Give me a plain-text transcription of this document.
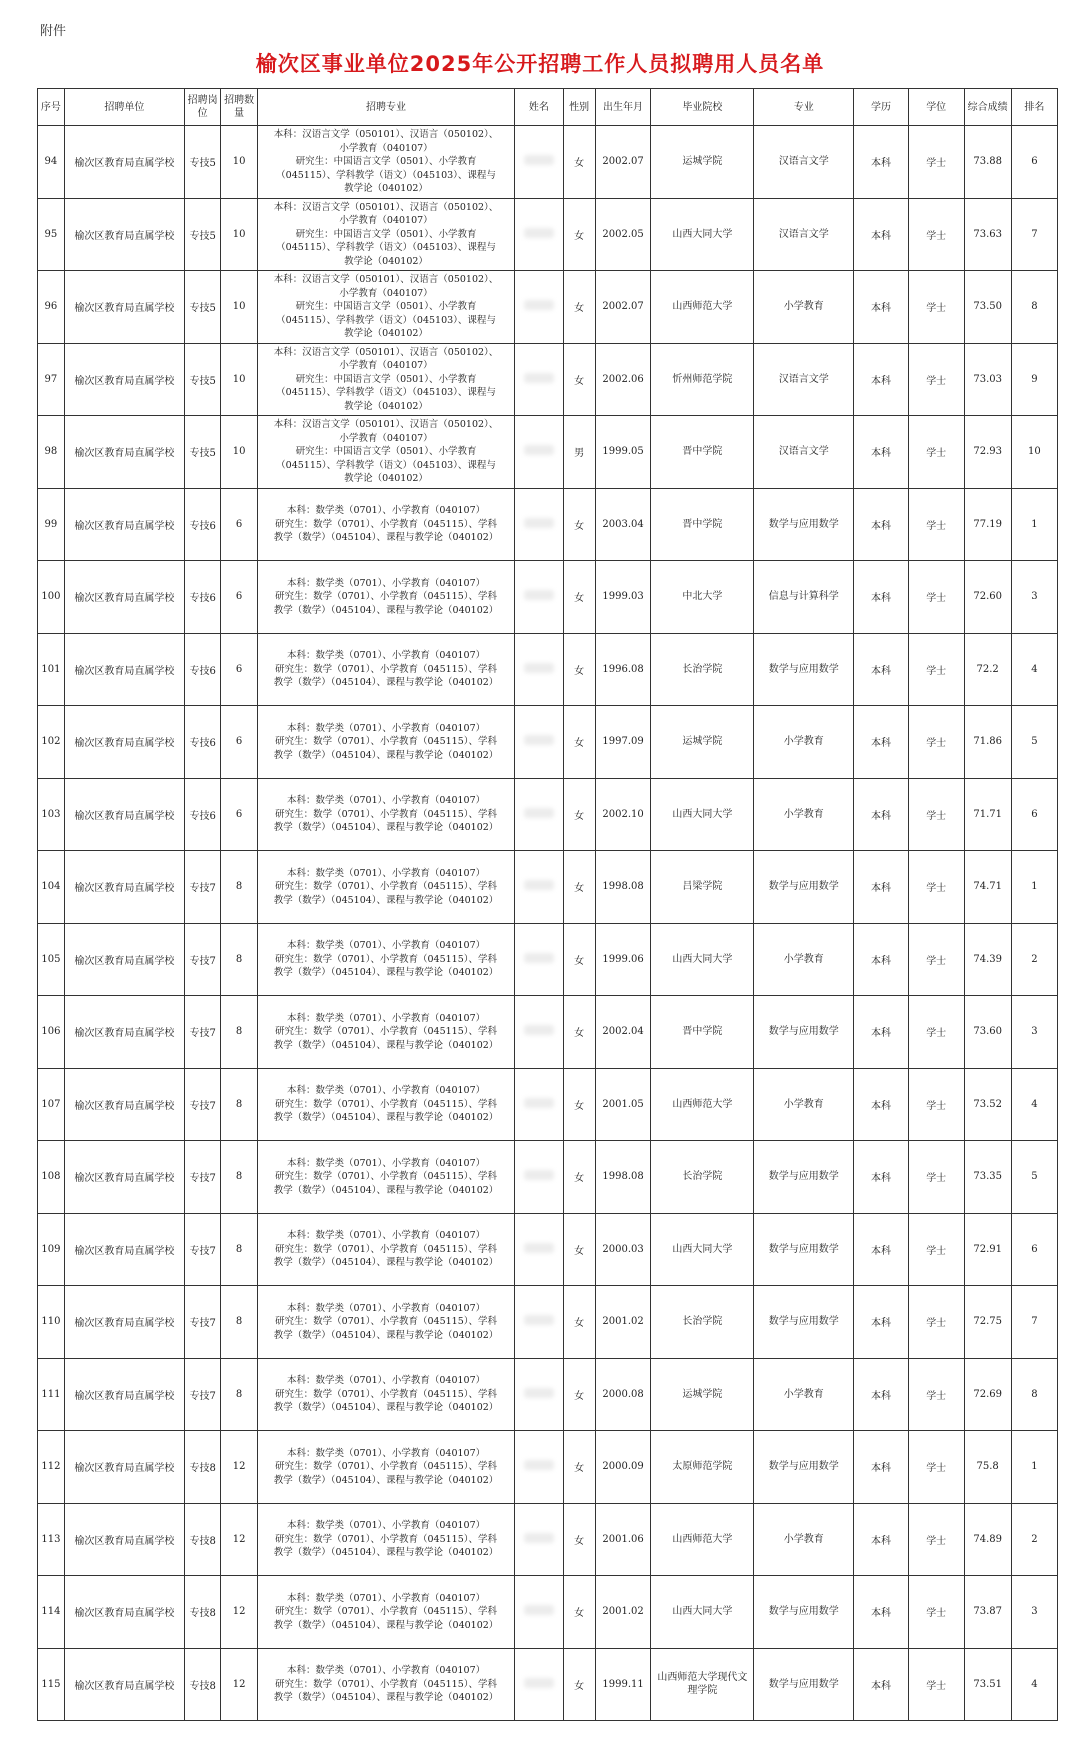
附件
榆次区事业单位2025年公开招聘工作人员拟聘用人员名单
序号	招聘单位	招聘岗位	招聘数量	招聘专业	姓名	性别	出生年月	毕业院校	专业	学历	学位	综合成绩	排名
94	榆次区教育局直属学校	专技5	10	本科：汉语言文学（050101）、汉语言（050102）、
小学教育（040107）
研究生：中国语言文学（0501）、小学教育
（045115）、学科教学（语文）（045103）、课程与
教学论（040102）		女	2002.07	运城学院	汉语言文学	本科	学士	73.88	6
95	榆次区教育局直属学校	专技5	10	本科：汉语言文学（050101）、汉语言（050102）、
小学教育（040107）
研究生：中国语言文学（0501）、小学教育
（045115）、学科教学（语文）（045103）、课程与
教学论（040102）		女	2002.05	山西大同大学	汉语言文学	本科	学士	73.63	7
96	榆次区教育局直属学校	专技5	10	本科：汉语言文学（050101）、汉语言（050102）、
小学教育（040107）
研究生：中国语言文学（0501）、小学教育
（045115）、学科教学（语文）（045103）、课程与
教学论（040102）		女	2002.07	山西师范大学	小学教育	本科	学士	73.50	8
97	榆次区教育局直属学校	专技5	10	本科：汉语言文学（050101）、汉语言（050102）、
小学教育（040107）
研究生：中国语言文学（0501）、小学教育
（045115）、学科教学（语文）（045103）、课程与
教学论（040102）		女	2002.06	忻州师范学院	汉语言文学	本科	学士	73.03	9
98	榆次区教育局直属学校	专技5	10	本科：汉语言文学（050101）、汉语言（050102）、
小学教育（040107）
研究生：中国语言文学（0501）、小学教育
（045115）、学科教学（语文）（045103）、课程与
教学论（040102）		男	1999.05	晋中学院	汉语言文学	本科	学士	72.93	10
99	榆次区教育局直属学校	专技6	6	本科：数学类（0701）、小学教育（040107）
研究生：数学（0701）、小学教育（045115）、学科
教学（数学）（045104）、课程与教学论（040102）		女	2003.04	晋中学院	数学与应用数学	本科	学士	77.19	1
100	榆次区教育局直属学校	专技6	6	本科：数学类（0701）、小学教育（040107）
研究生：数学（0701）、小学教育（045115）、学科
教学（数学）（045104）、课程与教学论（040102）		女	1999.03	中北大学	信息与计算科学	本科	学士	72.60	3
101	榆次区教育局直属学校	专技6	6	本科：数学类（0701）、小学教育（040107）
研究生：数学（0701）、小学教育（045115）、学科
教学（数学）（045104）、课程与教学论（040102）		女	1996.08	长治学院	数学与应用数学	本科	学士	72.2	4
102	榆次区教育局直属学校	专技6	6	本科：数学类（0701）、小学教育（040107）
研究生：数学（0701）、小学教育（045115）、学科
教学（数学）（045104）、课程与教学论（040102）		女	1997.09	运城学院	小学教育	本科	学士	71.86	5
103	榆次区教育局直属学校	专技6	6	本科：数学类（0701）、小学教育（040107）
研究生：数学（0701）、小学教育（045115）、学科
教学（数学）（045104）、课程与教学论（040102）		女	2002.10	山西大同大学	小学教育	本科	学士	71.71	6
104	榆次区教育局直属学校	专技7	8	本科：数学类（0701）、小学教育（040107）
研究生：数学（0701）、小学教育（045115）、学科
教学（数学）（045104）、课程与教学论（040102）		女	1998.08	吕梁学院	数学与应用数学	本科	学士	74.71	1
105	榆次区教育局直属学校	专技7	8	本科：数学类（0701）、小学教育（040107）
研究生：数学（0701）、小学教育（045115）、学科
教学（数学）（045104）、课程与教学论（040102）		女	1999.06	山西大同大学	小学教育	本科	学士	74.39	2
106	榆次区教育局直属学校	专技7	8	本科：数学类（0701）、小学教育（040107）
研究生：数学（0701）、小学教育（045115）、学科
教学（数学）（045104）、课程与教学论（040102）		女	2002.04	晋中学院	数学与应用数学	本科	学士	73.60	3
107	榆次区教育局直属学校	专技7	8	本科：数学类（0701）、小学教育（040107）
研究生：数学（0701）、小学教育（045115）、学科
教学（数学）（045104）、课程与教学论（040102）		女	2001.05	山西师范大学	小学教育	本科	学士	73.52	4
108	榆次区教育局直属学校	专技7	8	本科：数学类（0701）、小学教育（040107）
研究生：数学（0701）、小学教育（045115）、学科
教学（数学）（045104）、课程与教学论（040102）		女	1998.08	长治学院	数学与应用数学	本科	学士	73.35	5
109	榆次区教育局直属学校	专技7	8	本科：数学类（0701）、小学教育（040107）
研究生：数学（0701）、小学教育（045115）、学科
教学（数学）（045104）、课程与教学论（040102）		女	2000.03	山西大同大学	数学与应用数学	本科	学士	72.91	6
110	榆次区教育局直属学校	专技7	8	本科：数学类（0701）、小学教育（040107）
研究生：数学（0701）、小学教育（045115）、学科
教学（数学）（045104）、课程与教学论（040102）		女	2001.02	长治学院	数学与应用数学	本科	学士	72.75	7
111	榆次区教育局直属学校	专技7	8	本科：数学类（0701）、小学教育（040107）
研究生：数学（0701）、小学教育（045115）、学科
教学（数学）（045104）、课程与教学论（040102）		女	2000.08	运城学院	小学教育	本科	学士	72.69	8
112	榆次区教育局直属学校	专技8	12	本科：数学类（0701）、小学教育（040107）
研究生：数学（0701）、小学教育（045115）、学科
教学（数学）（045104）、课程与教学论（040102）		女	2000.09	太原师范学院	数学与应用数学	本科	学士	75.8	1
113	榆次区教育局直属学校	专技8	12	本科：数学类（0701）、小学教育（040107）
研究生：数学（0701）、小学教育（045115）、学科
教学（数学）（045104）、课程与教学论（040102）		女	2001.06	山西师范大学	小学教育	本科	学士	74.89	2
114	榆次区教育局直属学校	专技8	12	本科：数学类（0701）、小学教育（040107）
研究生：数学（0701）、小学教育（045115）、学科
教学（数学）（045104）、课程与教学论（040102）		女	2001.02	山西大同大学	数学与应用数学	本科	学士	73.87	3
115	榆次区教育局直属学校	专技8	12	本科：数学类（0701）、小学教育（040107）
研究生：数学（0701）、小学教育（045115）、学科
教学（数学）（045104）、课程与教学论（040102）		女	1999.11	山西师范大学现代文理学院	数学与应用数学	本科	学士	73.51	4
